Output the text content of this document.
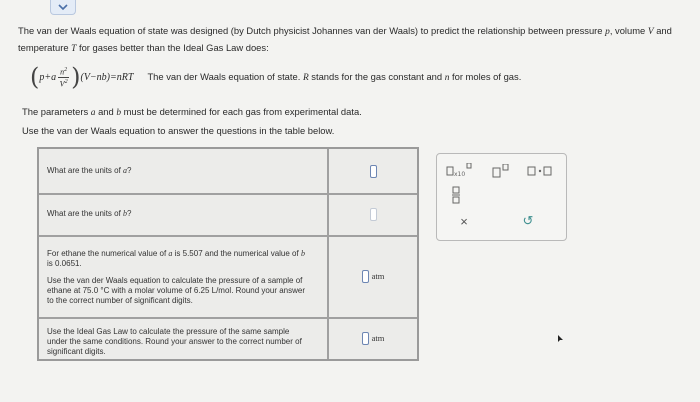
The van der Waals equation of state was designed (by Dutch physicist Johannes van der Waals) to predict the relationship between pressure p, volume V and
temperature T for gases better than the Ideal Gas Law does:
( $p+a \frac{n^2}{V^2}$ ) (V−nb) =nRT The van der Waals equation of state. R stands for the gas constant and n for moles of gas.
The parameters a and b must be determined for each gas from experimental data.
Use the van der Waals equation to answer the questions in the table below.
What are the units of a?
What are the units of b?
For ethane the numerical value of a is 5.507 and the numerical value of b is 0.0651.
Use the van der Waals equation to calculate the pressure of a sample of ethane at 75.0 °C with a molar volume of 6.25 L/mol. Round your answer to the correct number of significant digits.
atm
Use the Ideal Gas Law to calculate the pressure of the same sample under the same conditions. Round your answer to the correct number of significant digits.
atm
x10
×	↺
